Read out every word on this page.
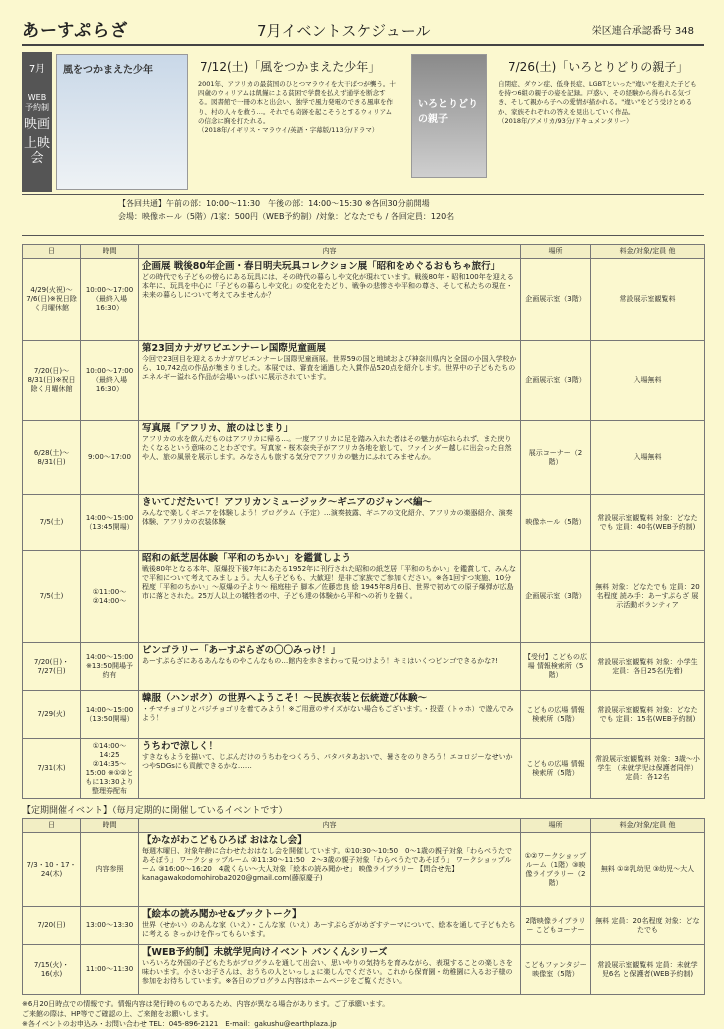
あーすぷらざ	7月イベントスケジュール	栄区連合承認番号 348
7月
WEB
予約制
映画
上映会
風をつかまえた少年	7/12(土)「風をつかまえた少年」
2001年、アフリカの最貧国のひとつマラウイを大干ばつが襲う。十四歳のウィリアムは飢饉による貧困で学費を払えず通学を断念する。図書館で一冊の本と出会い、独学で風力発電のできる風車を作り、村の人々を救う…。それでも奇跡を起こそうとするウィリアムの信念に胸を打たれる。
（2018年/イギリス・マラウイ/英語・字幕版/113分/ドラマ）
いろとりどりの親子
7/26(土)「いろとりどりの親子」
自閉症、ダウン症、低身長症、LGBTといった"違い"を抱えた子どもを持つ6組の親子の姿を記録。戸惑い、その経験から得られる気づき、そして親から子への愛情が描かれる。"違い"をどう受けとめるか、家族それぞれの答えを見出していく作品。
（2018年/アメリカ/93分/ドキュメンタリー）
【各回共通】午前の部：10:00〜11:30　午後の部：14:00〜15:30 ※各回30分前開場
会場：映像ホール（5階）/1家：500円（WEB予約制）/対象：どなたでも / 各回定員：120名
日	時間	内容	場所	料金/対象/定員 他
4/29(火祝)〜7/6(日)※祝日除く月曜休館	10:00〜17:00（最終入場16:30）	企画展 戦後80年企画・春日明夫玩具コレクション展「昭和をめぐるおもちゃ旅行」
どの時代でも子どもの傍らにある玩具には、その時代の暮らしや文化が現れています。戦後80年・昭和100年を迎える本年に、玩具を中心に「子どもの暮らしや文化」の変化をたどり、戦争の悲惨さや平和の尊さ、そして私たちの現在・未来の暮らしについて考えてみませんか？	企画展示室（3階）	常設展示室観覧料
7/20(日)〜8/31(日)※祝日除く月曜休館	10:00〜17:00（最終入場16:30）	第23回カナガワビエンナーレ国際児童画展
今回で23回目を迎えるカナガワビエンナーレ国際児童画展。世界59の国と地域および神奈川県内と全国の小国入学校から、10,742点の作品が集まりました。本展では、審査を通過した入賞作品520点を紹介します。世界中の子どもたちのエネルギー溢れる作品が会場いっぱいに展示されています。	企画展示室（3階）	入場無料
6/28(土)〜8/31(日)	9:00〜17:00	写真展「アフリカ、旅のはじまり」
アフリカの水を飲んだものはアフリカに帰る…。一度アフリカに足を踏み入れた者はその魅力が忘れられず、また戻りたくなるという意味のことわざです。写真家・桜木奈央子がアフリカ各地を旅して、ファインダー越しに出会った自然や人、旅の風景を展示します。みなさんも旅する気分でアフリカの魅力にふれてみませんか。	展示コーナー（2階）	入場無料
7/5(土)	14:00〜15:00（13:45開場）	きいて♪だたいて！アフリカンミュージック〜ギニアのジャンベ編〜
みんなで楽しくギニアを体験しよう！プログラム（予定）…演奏披露、ギニアの文化紹介、アフリカの楽器紹介、演奏体験、アフリカの衣装体験	映像ホール（5階）	常設展示室観覧料 対象：どなたでも 定員：40名(WEB予約制)
7/5(土)	①11:00〜 ②14:00〜	昭和の紙芝居体験「平和のちかい」を鑑賞しよう
戦後80年となる本年、原爆投下後7年にあたる1952年に刊行された昭和の紙芝居「平和のちかい」を鑑賞して、みんなで平和について考えてみましょう。大人も子どもも、大歓迎！是非ご家族でご参加ください。※各1回すつ実施、10分程度「平和のちかい」〜原爆の子より〜 稲庭桂子 脚本／佐藤忠良 絵 1945年8月6日、世界で初めての原子爆弾が広島市に落とされた。25万人以上の犠牲者の中、子ども達の体験から平和への祈りを描く。	企画展示室（3階）	無料 対象：どなたでも 定員：20名程度 読み手：あーすぷらざ 展示活動ボランティア
7/20(日)・7/27(日)	14:00〜15:00 ※13:50開場予約有	ビンゴラリー「あーすぷらざの〇〇みっけ！」
あーすぷらざにあるあんなものやこんなもの…館内を歩きまわって見つけよう！キミはいくつビンゴできるかな?!	【受付】こどもの広場 情報検索所（5階）	常設展示室観覧料 対象：小学生 定員：各日25名(先着)
7/29(火)	14:00〜15:00（13:50開場）	韓服（ハンボク）の世界へようこそ！〜民族衣装と伝統遊び体験〜
・チマチョゴリとパジチョゴリを着てみよう！※ご用意のサイズがない場合もございます。・投壺（トゥホ）で遊んでみよう！	こどもの広場 情報検索所（5階）	常設展示室観覧料 対象：どなたでも 定員：15名(WEB予約制)
7/31(木)	①14:00〜14:25 ②14:35〜15:00 ※①②ともに13:30より整理券配布	うちわで涼しく！
すきなもようを描いて、じぶんだけのうちわをつくろう、パタパタあおいで、暑さをのりきろう！エコロジーなせいかつやSDGsにも貢献できるかな……	こどもの広場 情報検索所（5階）	常設展示室観覧料 対象：3歳〜小学生 （未就学児は保護者同伴） 定員：各12名
【定期開催イベント】（毎月定期的に開催しているイベントです）
日	時間	内容	場所	料金/対象/定員 他
7/3・10・17・24(木)	内容参照	【かながわこどもひろば おはなし会】
毎週木曜日、対象年齢に合わせたおはなし会を開催しています。①10:30〜10:50　0〜1歳の親子対象「わらべうたであそぼう」 ワークショップルーム ②11:30〜11:50　2〜3歳の親子対象「わらべうたであそぼう」 ワークショップルーム ③16:00〜16:20　4歳くらい〜大人対象「絵本の読み聞かせ」 映像ライブラリー 【問合せ先】kanagawakodomohiroba2020@gmail.com(藤原慶子)	①②ワークショップルーム（1階）③映像ライブラリー（2階）	無料 ①②乳幼児 ③幼児〜大人
7/20(日)	13:00〜13:30	【絵本の読み聞かせ&ブックトーク】
世界（せかい）のあんな家（いえ）・こんな家（いえ）あーすぷらざがめざすテーマについて、絵本を通して子どもたちに考える きっかけを作ってもらいます。	2階映像ライブラリー こどもコーナー	無料 定員：20名程度 対象：どなたでも
7/15(火)・16(水)	11:00〜11:30	【WEB予約制】未就学児向けイベント パンくんシリーズ
いろいろな外国の子どもたちがプログラムを通して出会い、思いやりの気持ちを育みながら、表現することの楽しさを味わいます。小さいお子さんは、おうちの人といっしょに楽しんでください。これから保育園・幼稚園に入るお子様の参加をお待ちしています。※各日のプログラム内容はホームページをご覧ください。	こどもファンタジー映像室（5階）	常設展示室観覧料 定員：未就学児6名 と保護者(WEB予約制)
※6月20日時点での情報です。情報内容は発行時のものであるため、内容が異なる場合があります。ご了承願います。
ご来館の際は、HP等でご確認の上、ご来館をお願いします。
※各イベントのお申込み・お問い合わせ TEL：045-896-2121　E-mail：gakushu@earthplaza.jp
